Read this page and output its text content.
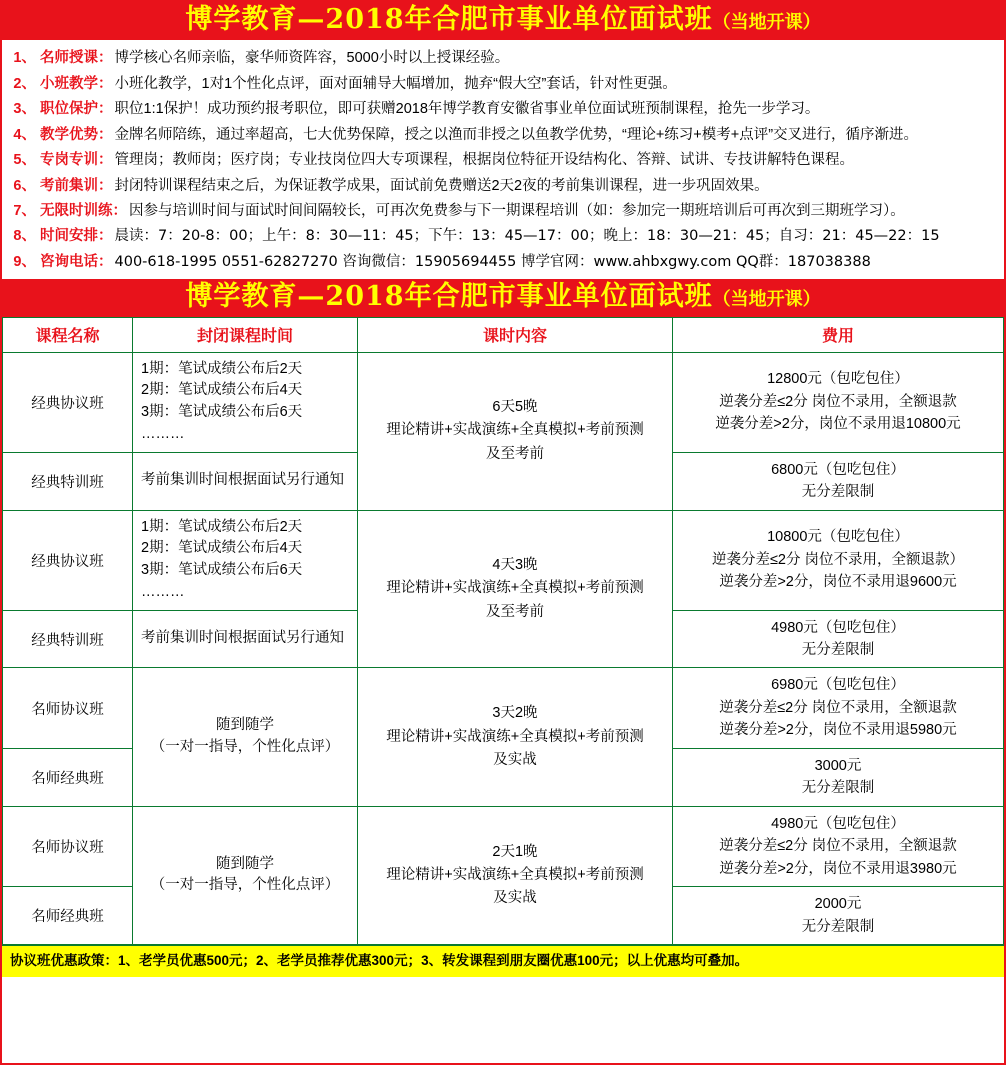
博学教育—2018年合肥市事业单位面试班（当地开课）
1、 名师授课： 博学核心名师亲临，豪华师资阵容，5000小时以上授课经验。
2、 小班教学： 小班化教学，1对1个性化点评，面对面辅导大幅增加，抛弃“假大空”套话，针对性更强。
3、 职位保护： 职位1:1保护！成功预约报考职位，即可获赠2018年博学教育安徽省事业单位面试班预制课程，抢先一步学习。
4、 教学优势： 金牌名师陪练，通过率超高，七大优势保障，授之以渔而非授之以鱼教学优势，“理论+练习+模考+点评”交叉进行，循序渐进。
5、 专岗专训： 管理岗；教师岗；医疗岗；专业技岗位四大专项课程，根据岗位特征开设结构化、答辩、试讲、专技讲解特色课程。
6、 考前集训： 封闭特训课程结束之后，为保证教学成果，面试前免费赠送2天2夜的考前集训课程，进一步巩固效果。
7、 无限时训练： 因参与培训时间与面试时间间隔较长，可再次免费参与下一期课程培训（如：参加完一期班培训后可再次到三期班学习）。
8、 时间安排： 晨读：7：20-8：00；上午：8：30—11：45；下午：13：45—17：00；晚上：18：30—21：45；自习：21：45—22：15
9、 咨询电话： 400-618-1995 0551-62827270 咨询微信：15905694455 博学官网：www.ahbxgwy.com QQ群：187038388
博学教育—2018年合肥市事业单位面试班（当地开课）
课程名称	封闭课程时间	课时内容	费用
经典协议班	1期：笔试成绩公布后2天
2期：笔试成绩公布后4天
3期：笔试成绩公布后6天
………	6天5晚
理论精讲+实战演练+全真模拟+考前预测
及至考前	12800元（包吃包住）
逆袭分差≤2分 岗位不录用，全额退款
逆袭分差>2分，岗位不录用退10800元
经典特训班	考前集训时间根据面试另行通知		6800元（包吃包住）
无分差限制
经典协议班	1期：笔试成绩公布后2天
2期：笔试成绩公布后4天
3期：笔试成绩公布后6天
………	4天3晚
理论精讲+实战演练+全真模拟+考前预测
及至考前	10800元（包吃包住）
逆袭分差≤2分 岗位不录用，全额退款）
逆袭分差>2分，岗位不录用退9600元
经典特训班	考前集训时间根据面试另行通知		4980元（包吃包住）
无分差限制
名师协议班	随到随学
（一对一指导，个性化点评）	3天2晚
理论精讲+实战演练+全真模拟+考前预测
及实战	6980元（包吃包住）
逆袭分差≤2分 岗位不录用，全额退款
逆袭分差>2分，岗位不录用退5980元
名师经典班			3000元
无分差限制
名师协议班	随到随学
（一对一指导，个性化点评）	2天1晚
理论精讲+实战演练+全真模拟+考前预测
及实战	4980元（包吃包住）
逆袭分差≤2分 岗位不录用，全额退款
逆袭分差>2分，岗位不录用退3980元
名师经典班			2000元
无分差限制
协议班优惠政策：1、老学员优惠500元；2、老学员推荐优惠300元；3、转发课程到朋友圈优惠100元；以上优惠均可叠加。
